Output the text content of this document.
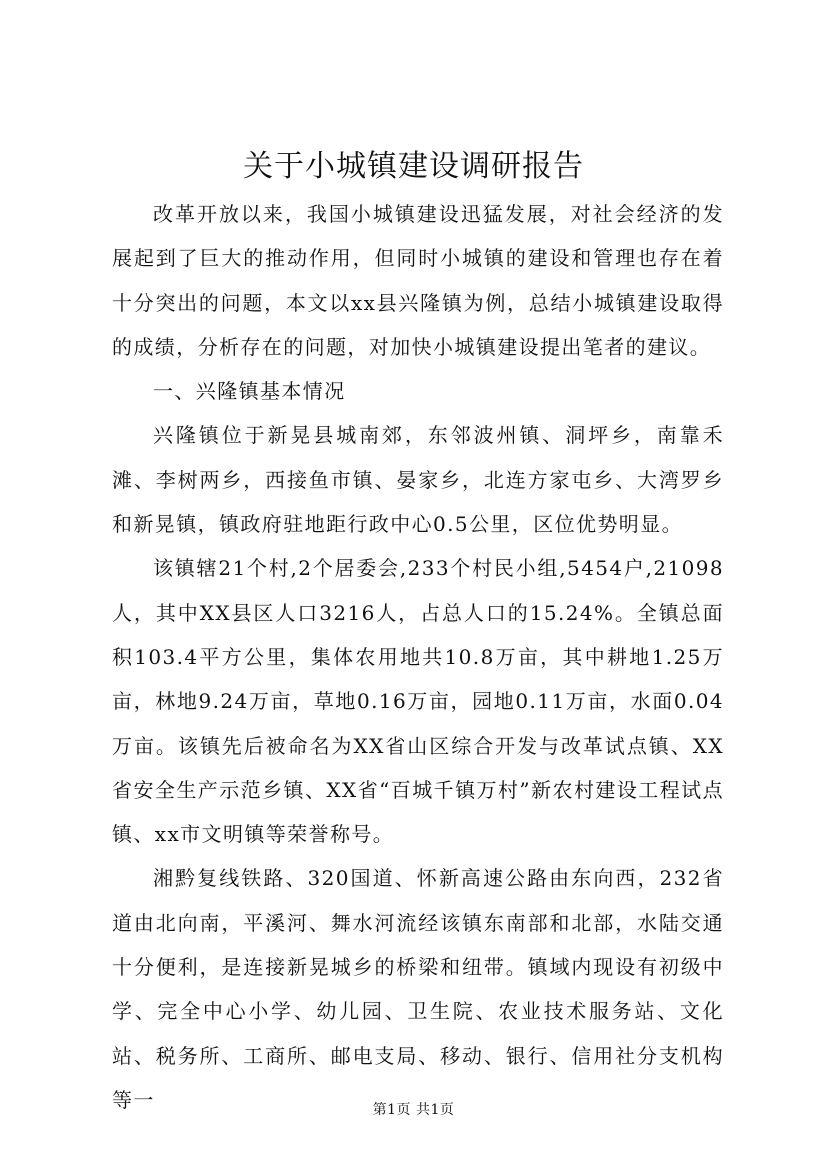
关于小城镇建设调研报告

改革开放以来，我国小城镇建设迅猛发展，对社会经济的发展起到了巨大的推动作用，但同时小城镇的建设和管理也存在着十分突出的问题，本文以xx县兴隆镇为例，总结小城镇建设取得的成绩，分析存在的问题，对加快小城镇建设提出笔者的建议。

一、兴隆镇基本情况

兴隆镇位于新晃县城南郊，东邻波州镇、洞坪乡，南靠禾滩、李树两乡，西接鱼市镇、晏家乡，北连方家屯乡、大湾罗乡和新晃镇，镇政府驻地距行政中心0.5公里，区位优势明显。

该镇辖21个村,2个居委会,233个村民小组,5454户,21098人，其中XX县区人口3216人，占总人口的15.24%。全镇总面积103.4平方公里，集体农用地共10.8万亩，其中耕地1.25万亩，林地9.24万亩，草地0.16万亩，园地0.11万亩，水面0.04万亩。该镇先后被命名为XX省山区综合开发与改革试点镇、XX省安全生产示范乡镇、XX省“百城千镇万村”新农村建设工程试点镇、xx市文明镇等荣誉称号。

湘黔复线铁路、320国道、怀新高速公路由东向西，232省道由北向南，平溪河、舞水河流经该镇东南部和北部，水陆交通十分便利，是连接新晃城乡的桥梁和纽带。镇域内现设有初级中学、完全中心小学、幼儿园、卫生院、农业技术服务站、文化站、税务所、工商所、邮电支局、移动、银行、信用社分支机构等一	第1页 共1页
